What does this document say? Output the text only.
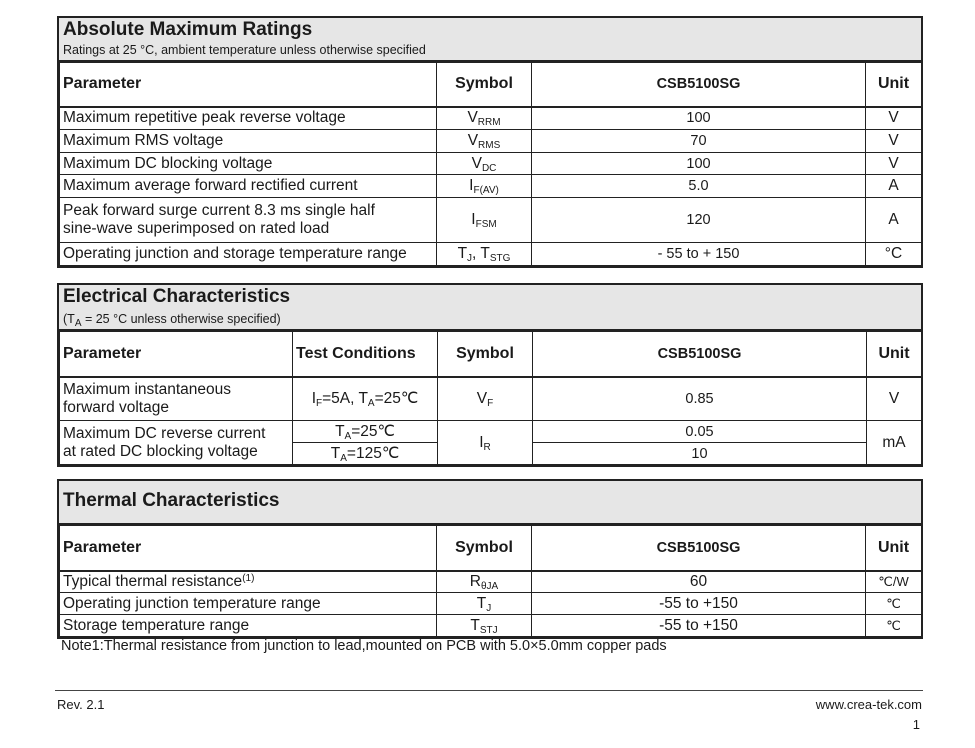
Absolute Maximum Ratings
Ratings at 25 °C, ambient temperature unless otherwise specified
Parameter	Symbol	CSB5100SG	Unit
Maximum repetitive peak reverse voltage	$V_{RRM}$	100	V
Maximum RMS voltage	$V_{RMS}$	70	V
Maximum DC blocking voltage	$V_{DC}$	100	V
Maximum average forward rectified current	$I_{F(AV)}$	5.0	A

Peak forward surge current 8.3 ms single half
sine-wave superimposed on rated load	$I_{FSM}$	120	A
Operating junction and storage temperature range	$T_J$, $T_{STG}$	- 55 to + 150	°C
Electrical Characteristics
($T_A = 25$ °C unless otherwise specified)
Parameter	Test Conditions	Symbol	CSB5100SG	Unit

Maximum instantaneous
forward voltage	$I_F=5A$, $T_A=25℃$	$V_F$	0.85	V

Maximum DC reverse current
at rated DC blocking voltage	$T_A=25℃$	$I_R$	0.05	mA
	$T_A=125℃$		10	
Thermal Characteristics
Parameter	Symbol	CSB5100SG	Unit
Typical thermal resistance$^{(1)}$	$R_{\theta JA}$	60	℃/W
Operating junction temperature range	$T_J$	-55 to +150	℃
Storage temperature range	$T_{STJ}$	-55 to +150	℃
Note1:Thermal resistance from junction to lead,mounted on PCB with 5.0×5.0mm copper pads
Rev. 2.1	www.crea-tek.com
1
